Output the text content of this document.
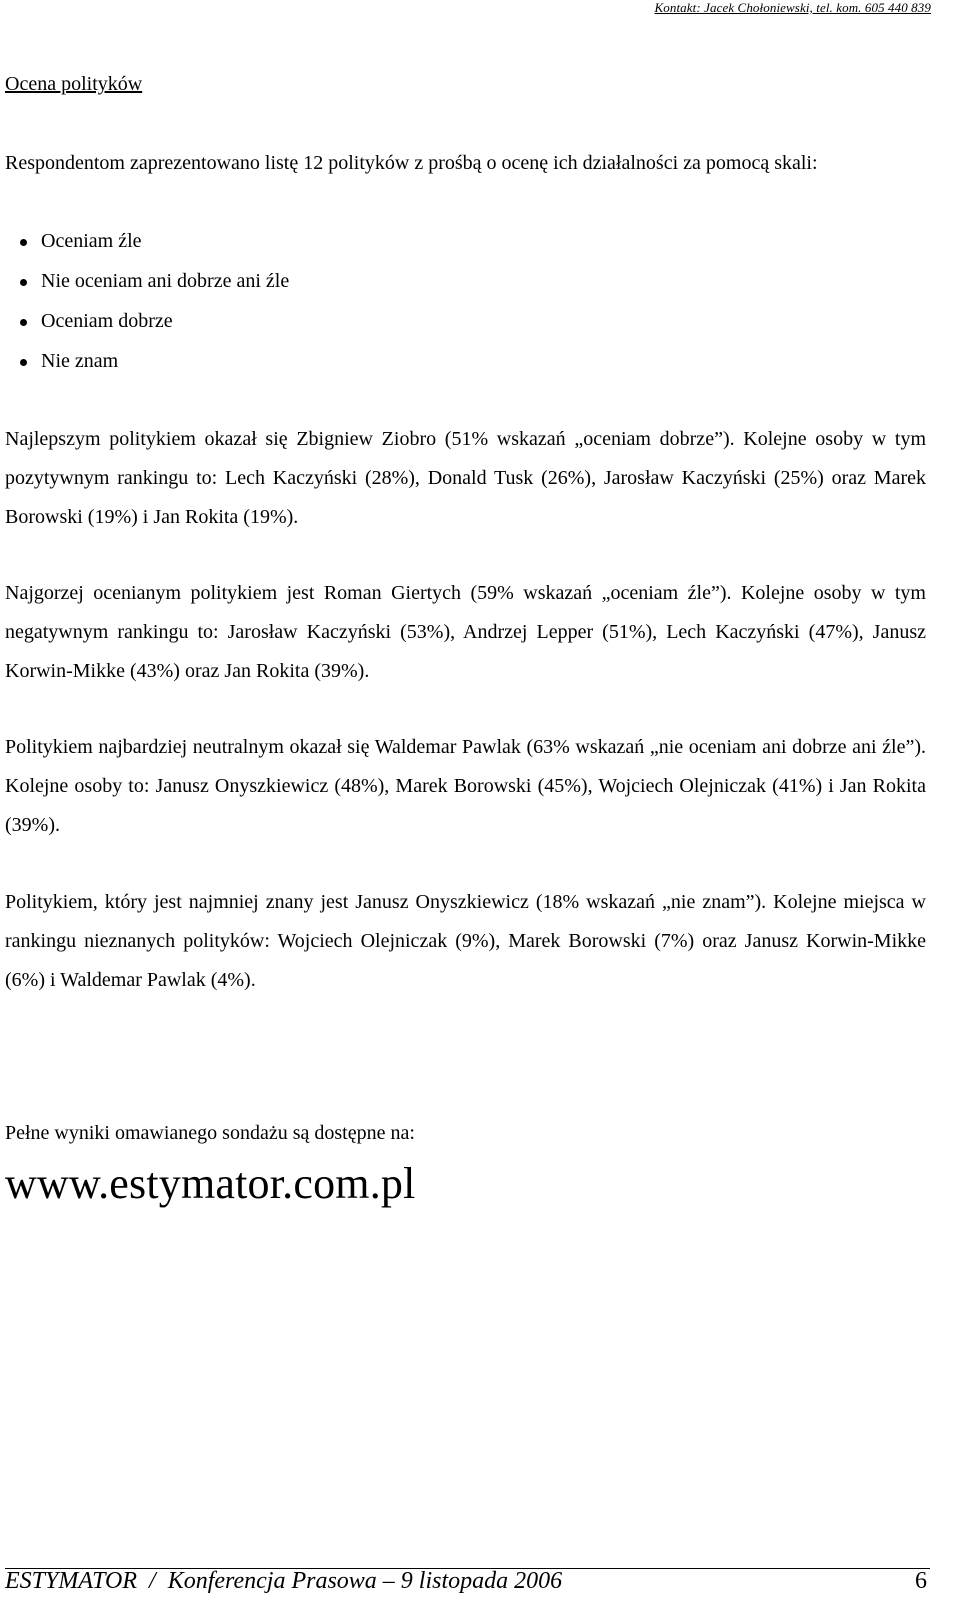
Kontakt: Jacek Chołoniewski, tel. kom. 605 440 839
Ocena polityków

Respondentom zaprezentowano listę 12 polityków z prośbą o ocenę ich działalności za pomocą skali:

Oceniam źle
Nie oceniam ani dobrze ani źle
Oceniam dobrze
Nie znam

Najlepszym politykiem okazał się Zbigniew Ziobro (51% wskazań „oceniam dobrze”). Kolejne osoby w tym pozytywnym rankingu to: Lech Kaczyński (28%), Donald Tusk (26%), Jarosław Kaczyński (25%) oraz Marek Borowski (19%) i Jan Rokita (19%).

Najgorzej ocenianym politykiem jest Roman Giertych (59% wskazań „oceniam źle”). Kolejne osoby w tym negatywnym rankingu to: Jarosław Kaczyński (53%), Andrzej Lepper (51%), Lech Kaczyński (47%), Janusz Korwin-Mikke (43%) oraz Jan Rokita (39%).

Politykiem najbardziej neutralnym okazał się Waldemar Pawlak (63% wskazań „nie oceniam ani dobrze ani źle”). Kolejne osoby to: Janusz Onyszkiewicz (48%), Marek Borowski (45%), Wojciech Olejniczak (41%) i Jan Rokita (39%).

Politykiem, który jest najmniej znany jest Janusz Onyszkiewicz (18% wskazań „nie znam”). Kolejne miejsca w rankingu nieznanych polityków: Wojciech Olejniczak (9%), Marek Borowski (7%) oraz Janusz Korwin-Mikke (6%) i Waldemar Pawlak (4%).

Pełne wyniki omawianego sondażu są dostępne na:

www.estymator.com.pl

ESTYMATOR  /  Konferencja Prasowa – 9 listopada 2006	6
